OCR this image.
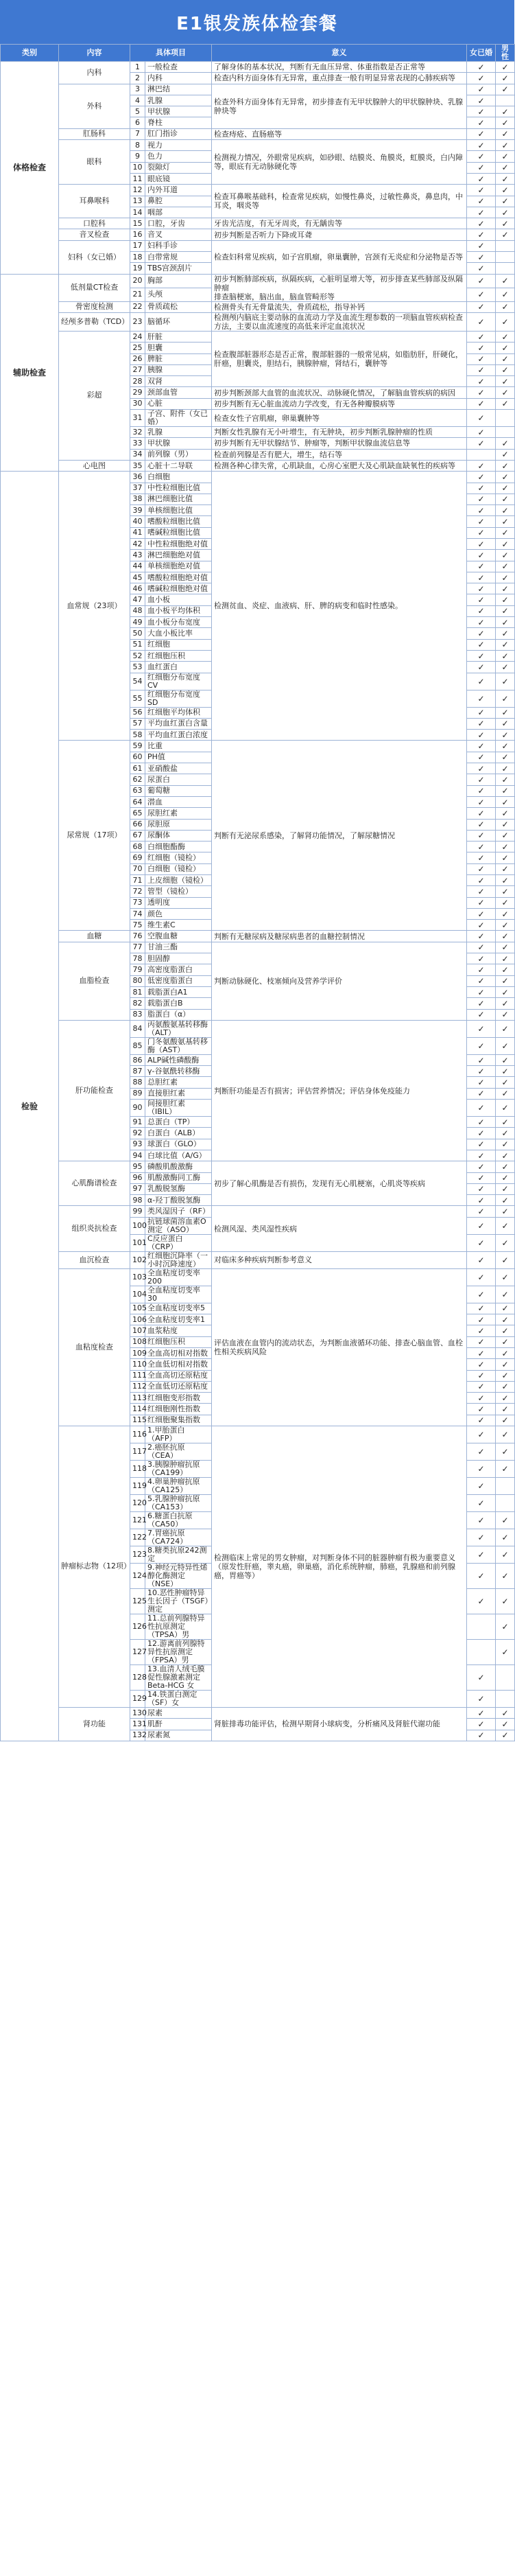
E1银发族体检套餐
类别	内容	具体项目		意义	女已婚	男性
体格检查	内科	1	一般检查	了解身体的基本状况，判断有无血压异常、体重指数是否正常等	✓	✓
		2	内科	检查内科方面身体有无异常，重点排查一般有明显异常表现的心肺疾病等	✓	✓
	外科	3	淋巴结	检查外科方面身体有无异常，初步排查有无甲状腺肿大的甲状腺肿块、乳腺肿块等	✓	✓
		4	乳腺		✓	
		5	甲状腺		✓	✓
		6	脊柱		✓	✓
	肛肠科	7	肛门指诊	检查痔疮、直肠癌等	✓	✓
	眼科	8	视力	检测视力情况，外眼常见疾病，如砂眼、结膜炎、角膜炎，虹膜炎，白内障等，眼底有无动脉硬化等	✓	✓
		9	色力		✓	✓
		10	裂隙灯		✓	✓
		11	眼底镜		✓	✓
	耳鼻喉科	12	内外耳道	检查耳鼻喉基础科，检查常见疾病，如慢性鼻炎，过敏性鼻炎，鼻息肉，中耳炎，咽炎等	✓	✓
		13	鼻腔		✓	✓
		14	咽部		✓	✓
	口腔科	15	口腔，牙齿	牙齿光洁度，有无牙周炎，有无龋齿等	✓	✓
	音叉检查	16	音叉	初步判断是否听力下降或耳聋	✓	✓
	妇科（女已婚）	17	妇科手诊	检查妇科常见疾病，如子宫肌瘤，卵巢囊肿，宫颈有无炎症和分泌物是否等	✓	
		18	白带常规		✓	
		19	TBS宫颈刮片		✓	
辅助检查	低剂量CT检查	20	胸部	初步判断肺部疾病，纵隔疾病，心脏明显增大等，初步排查某些肺部及纵隔肿瘤
排查脑梗塞，脑出血，脑血管畸形等	✓	✓
		21	头颅		✓	✓
	骨密度检测	22	骨质疏松	检测骨头有无骨量流失，骨质疏松，指导补钙	✓	✓
	经颅多普勒（TCD）	23	脑循环	检测颅内脑底主要动脉的血流动力学及血流生理参数的一项脑血管疾病检查方法，主要以血流速度的高低来评定血流状况	✓	✓
	彩超	24	肝脏	检查腹部脏器形态是否正常，腹部脏器的一般常见病，如脂肪肝，肝硬化，肝癌，胆囊炎，胆结石，胰腺肿瘤，肾结石，囊肿等	✓	✓
		25	胆囊		✓	✓
		26	脾脏		✓	✓
		27	胰腺		✓	✓
		28	双肾		✓	✓
		29	颈部血管	初步判断颈部大血管的血流状况、动脉硬化情况，了解脑血管疾病的病因	✓	✓
		30	心脏	初步判断有无心脏血流动力学改变，有无各种瓣膜病等	✓	✓
		31	子宫、附件（女已婚）	检查女性子宫肌瘤，卵巢囊肿等	✓	
		32	乳腺	判断女性乳腺有无小叶增生，有无肿块，初步判断乳腺肿瘤的性质	✓	
		33	甲状腺	初步判断有无甲状腺结节、肿瘤等，判断甲状腺血流信息等	✓	✓
		34	前列腺（男）	检查前列腺是否有肥大，增生，结石等		✓
	心电图	35	心脏十二导联	检测各种心律失常，心肌缺血，心房心室肥大及心肌缺血缺氧性的疾病等	✓	✓
检验	血常规（23项）	36	白细胞	检测贫血、炎症、血液病、肝、脾的病变和临时性感染。	✓	✓
		37	中性粒细胞比值		✓	✓
		38	淋巴细胞比值		✓	✓
		39	单核细胞比值		✓	✓
		40	嗜酸粒细胞比值		✓	✓
		41	嗜碱粒细胞比值		✓	✓
		42	中性粒细胞绝对值		✓	✓
		43	淋巴细胞绝对值		✓	✓
		44	单核细胞绝对值		✓	✓
		45	嗜酸粒细胞绝对值		✓	✓
		46	嗜碱粒细胞绝对值		✓	✓
		47	血小板		✓	✓
		48	血小板平均体积		✓	✓
		49	血小板分布宽度		✓	✓
		50	大血小板比率		✓	✓
		51	红细胞		✓	✓
		52	红细胞压积		✓	✓
		53	血红蛋白		✓	✓
		54	红细胞分布宽度CV		✓	✓
		55	红细胞分布宽度SD		✓	✓
		56	红细胞平均体积		✓	✓
		57	平均血红蛋白含量		✓	✓
		58	平均血红蛋白浓度		✓	✓
	尿常规（17项）	59	比重	判断有无泌尿系感染，了解肾功能情况，了解尿糖情况	✓	✓
		60	PH值		✓	✓
		61	亚硝酸盐		✓	✓
		62	尿蛋白		✓	✓
		63	葡萄糖		✓	✓
		64	潜血		✓	✓
		65	尿胆红素		✓	✓
		66	尿胆原		✓	✓
		67	尿酮体		✓	✓
		68	白细胞酯酶		✓	✓
		69	红细胞（镜检）		✓	✓
		70	白细胞（镜检）		✓	✓
		71	上皮细胞（镜检）		✓	✓
		72	管型（镜检）		✓	✓
		73	透明度		✓	✓
		74	颜色		✓	✓
		75	维生素C		✓	✓
	血糖	76	空腹血糖	判断有无糖尿病及糖尿病患者的血糖控制情况	✓	✓
	血脂检查	77	甘油三酯	判断动脉硬化、枝塞倾向及营养学评价	✓	✓
		78	胆固醇		✓	✓
		79	高密度脂蛋白		✓	✓
		80	低密度脂蛋白		✓	✓
		81	载脂蛋白A1		✓	✓
		82	载脂蛋白B		✓	✓
		83	脂蛋白（α）		✓	✓
	肝功能检查	84	丙氨酸氨基转移酶（ALT）	判断肝功能是否有损害；评估营养情况；评估身体免疫能力	✓	✓
		85	门冬氨酸氨基转移酶（AST）		✓	✓
		86	ALP碱性磷酸酶		✓	✓
		87	γ-谷氨酰转移酶		✓	✓
		88	总胆红素		✓	✓
		89	直接胆红素		✓	✓
		90	间接胆红素（IBIL）		✓	✓
		91	总蛋白（TP）		✓	✓
		92	白蛋白（ALB）		✓	✓
		93	球蛋白（GLO）		✓	✓
		94	白球比值（A/G）		✓	✓
	心肌酶谱检查	95	磷酸肌酸激酶	初步了解心肌酶是否有损伤，发现有无心肌梗塞，心肌炎等疾病	✓	✓
		96	肌酸激酶同工酶		✓	✓
		97	乳酸脱氢酶		✓	✓
		98	α-羟丁酸脱氢酶		✓	✓
	组织炎抗检查	99	类风湿因子（RF）	检测风湿、类风湿性疾病	✓	✓
		100	抗链球菌溶血素O测定（ASO）		✓	✓
		101	C反应蛋白（CRP）		✓	✓
	血沉检查	102	红细胞沉降率（一小时沉降速度）	对临床多种疾病判断参考意义	✓	✓
	血粘度检查	103	全血粘度切变率200	评估血液在血管内的流动状态，为判断血液循环功能、排查心脑血管、血栓性相关疾病风险	✓	✓
		104	全血粘度切变率30		✓	✓
		105	全血粘度切变率5		✓	✓
		106	全血粘度切变率1		✓	✓
		107	血浆粘度		✓	✓
		108	红细胞压积		✓	✓
		109	全血高切相对指数		✓	✓
		110	全血低切相对指数		✓	✓
		111	全血高切还原粘度		✓	✓
		112	全血低切还原粘度		✓	✓
		113	红细胞变形指数		✓	✓
		114	红细胞刚性指数		✓	✓
		115	红细胞聚集指数		✓	✓
	肿瘤标志物（12项）	116	1.甲胎蛋白（AFP）	检测临床上常见的男女肿瘤，对判断身体不同的脏器肿瘤有极为重要意义（原发性肝癌，睾丸癌，卵巢癌，消化系统肿瘤，肺癌，乳腺癌和前列腺癌，胃癌等）	✓	✓
		117	2.癌胚抗原（CEA）		✓	✓
		118	3.胰腺肿瘤抗原（CA199）		✓	✓
		119	4.卵巢肿瘤抗原（CA125）		✓	
		120	5.乳腺肿瘤抗原（CA153）		✓	
		121	6.糖蛋白抗原（CA50）		✓	✓
		122	7.胃癌抗原（CA724）		✓	✓
		123	8.糖类抗原242测定		✓	✓
		124	9.神经元特异性烯醇化酶测定（NSE）		✓	✓
		125	10.恶性肿瘤特异生长因子（TSGF）测定		✓	✓
		126	11.总前列腺特异性抗原测定（TPSA）男			✓
		127	12.游离前列腺特异性抗原测定（FPSA）男			✓
		128	13.血清人绒毛膜促性腺激素测定Beta-HCG 女		✓	
		129	14.铁蛋白测定（SF）女		✓	
	肾功能	130	尿素	肾脏排毒功能评估，检测早期肾小球病变，分析痛风及肾脏代谢功能	✓	✓
		131	肌酐		✓	✓
		132	尿素氮		✓	✓
